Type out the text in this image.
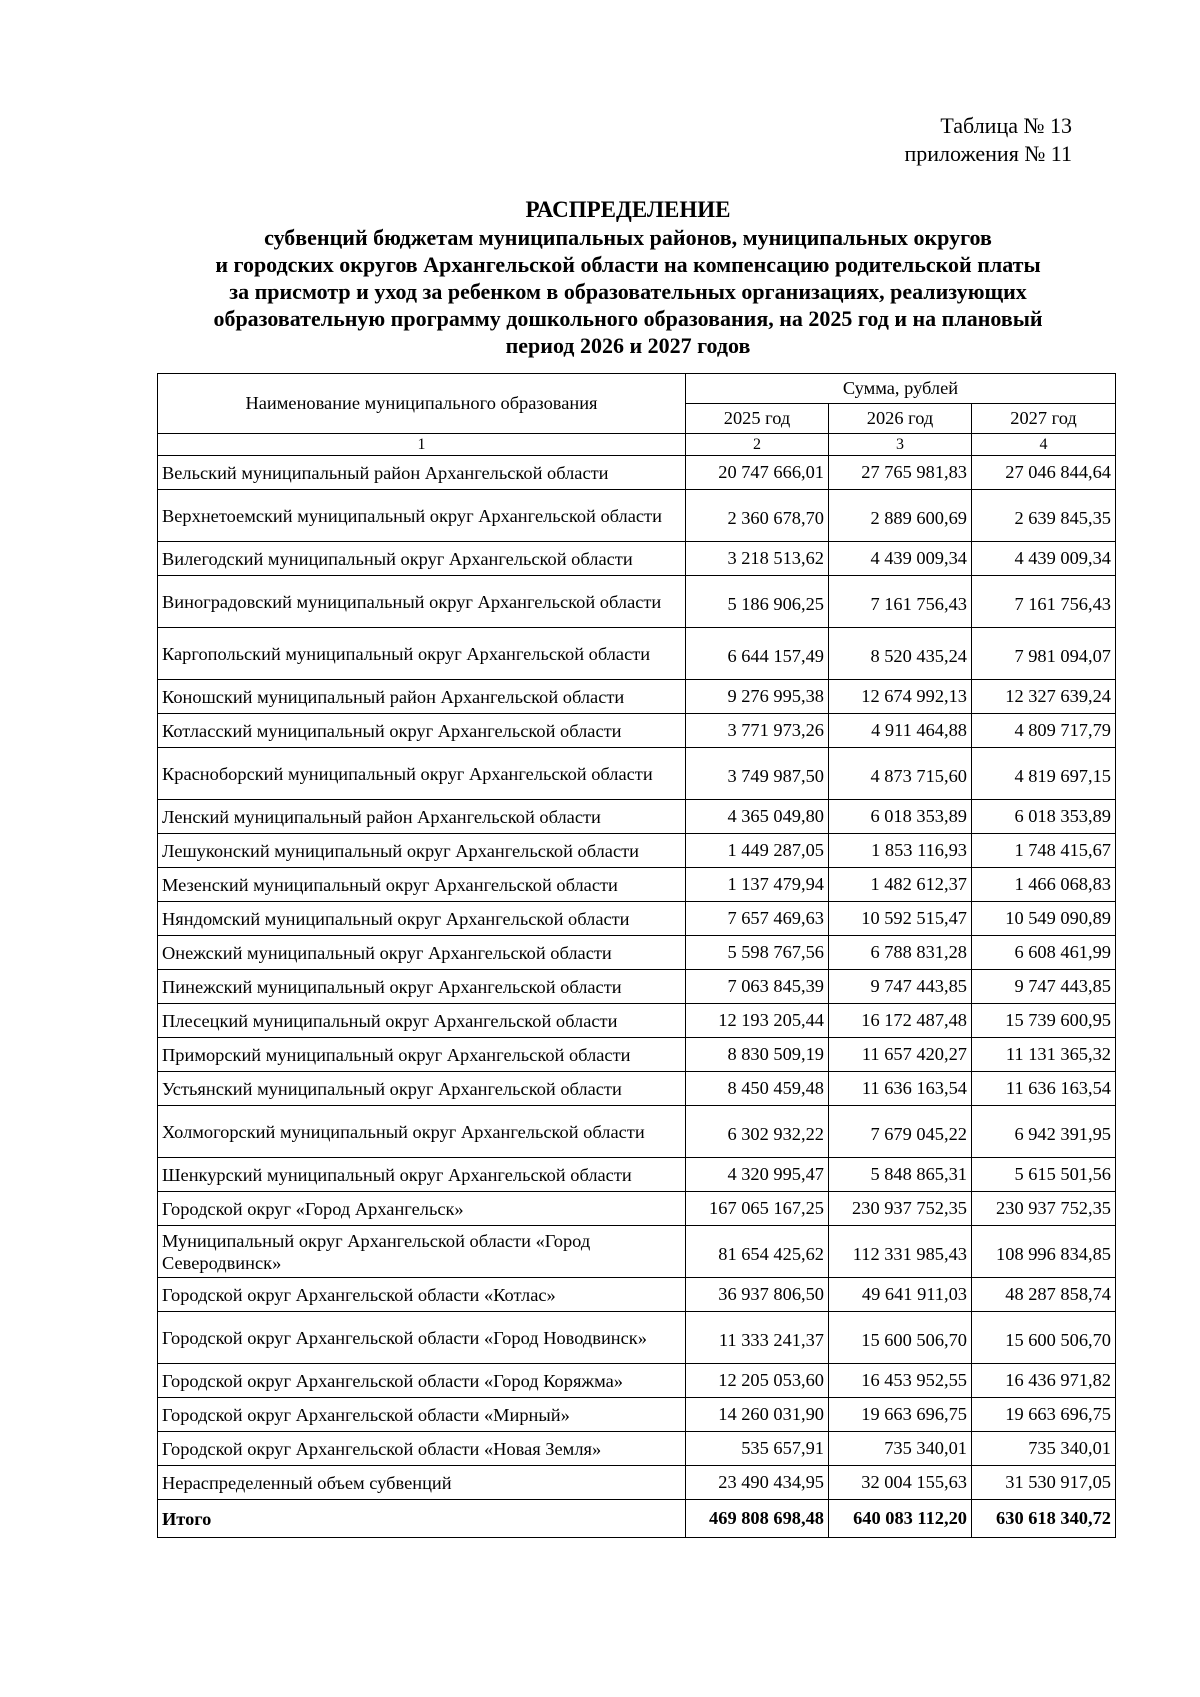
Таблица № 13
приложения № 11
РАСПРЕДЕЛЕНИЕ
субвенций бюджетам муниципальных районов, муниципальных округов
и городских округов Архангельской области на компенсацию родительской платы
за присмотр и уход за ребенком в образовательных организациях, реализующих
образовательную программу дошкольного образования, на 2025 год и на плановый
период 2026 и 2027 годов
Наименование муниципального образования	Сумма, рублей		
	2025 год	2026 год	2027 год
1	2	3	4
Вельский муниципальный район Архангельской области	20 747 666,01	27 765 981,83	27 046 844,64
Верхнетоемский муниципальный округ Архангельской области	2 360 678,70	2 889 600,69	2 639 845,35
Вилегодский муниципальный округ Архангельской области	3 218 513,62	4 439 009,34	4 439 009,34
Виноградовский муниципальный округ Архангельской области	5 186 906,25	7 161 756,43	7 161 756,43
Каргопольский муниципальный округ Архангельской области	6 644 157,49	8 520 435,24	7 981 094,07
Коношский муниципальный район Архангельской области	9 276 995,38	12 674 992,13	12 327 639,24
Котласский муниципальный округ Архангельской области	3 771 973,26	4 911 464,88	4 809 717,79
Красноборский муниципальный округ Архангельской области	3 749 987,50	4 873 715,60	4 819 697,15
Ленский муниципальный район Архангельской области	4 365 049,80	6 018 353,89	6 018 353,89
Лешуконский муниципальный округ Архангельской области	1 449 287,05	1 853 116,93	1 748 415,67
Мезенский муниципальный округ Архангельской области	1 137 479,94	1 482 612,37	1 466 068,83
Няндомский муниципальный округ Архангельской области	7 657 469,63	10 592 515,47	10 549 090,89
Онежский муниципальный округ Архангельской области	5 598 767,56	6 788 831,28	6 608 461,99
Пинежский муниципальный округ Архангельской области	7 063 845,39	9 747 443,85	9 747 443,85
Плесецкий муниципальный округ Архангельской области	12 193 205,44	16 172 487,48	15 739 600,95
Приморский муниципальный округ Архангельской области	8 830 509,19	11 657 420,27	11 131 365,32
Устьянский муниципальный округ Архангельской области	8 450 459,48	11 636 163,54	11 636 163,54
Холмогорский муниципальный округ Архангельской области	6 302 932,22	7 679 045,22	6 942 391,95
Шенкурский муниципальный округ Архангельской области	4 320 995,47	5 848 865,31	5 615 501,56
Городской округ «Город Архангельск»	167 065 167,25	230 937 752,35	230 937 752,35
Муниципальный округ Архангельской области «Город Северодвинск»	81 654 425,62	112 331 985,43	108 996 834,85
Городской округ Архангельской области «Котлас»	36 937 806,50	49 641 911,03	48 287 858,74
Городской округ Архангельской области «Город Новодвинск»	11 333 241,37	15 600 506,70	15 600 506,70
Городской округ Архангельской области «Город Коряжма»	12 205 053,60	16 453 952,55	16 436 971,82
Городской округ Архангельской области «Мирный»	14 260 031,90	19 663 696,75	19 663 696,75
Городской округ Архангельской области «Новая Земля»	535 657,91	735 340,01	735 340,01
Нераспределенный объем субвенций	23 490 434,95	32 004 155,63	31 530 917,05
Итого	469 808 698,48	640 083 112,20	630 618 340,72
